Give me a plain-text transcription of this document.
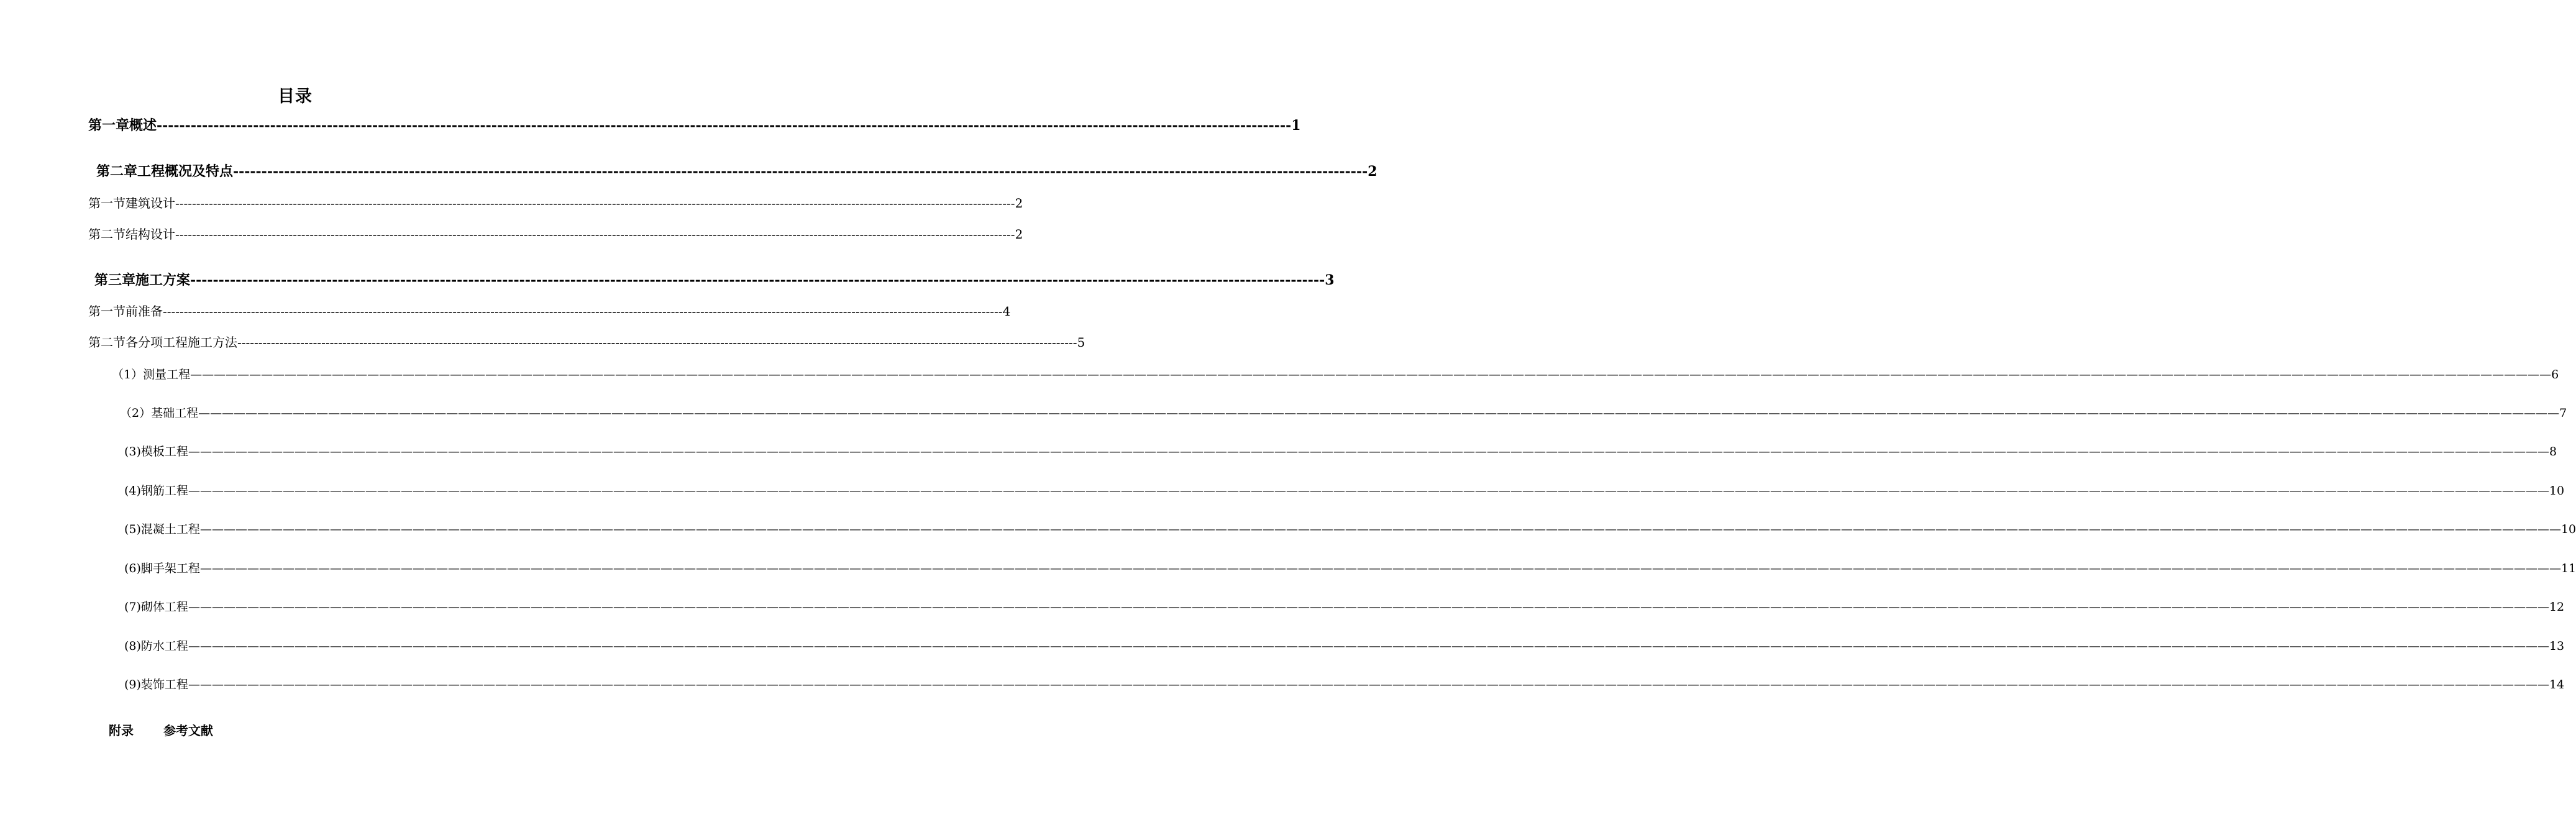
目录
第一章 概述 -------------------------------------------------------------------------------------------------------------------------------------------------------------------------------------------------------- 1
第二章 工程概况及特点 -------------------------------------------------------------------------------------------------------------------------------------------------------------------------------------------------------- 2
第一节 建筑设计 -------------------------------------------------------------------------------------------------------------------------------------------------------------------------------------------------------- 2
第二节 结构设计 -------------------------------------------------------------------------------------------------------------------------------------------------------------------------------------------------------- 2
第三章 施工方案 -------------------------------------------------------------------------------------------------------------------------------------------------------------------------------------------------------- 3
第一节 前准备 -------------------------------------------------------------------------------------------------------------------------------------------------------------------------------------------------------- 4
第二节 各分项工程施工方法 -------------------------------------------------------------------------------------------------------------------------------------------------------------------------------------------------------- 5
（1） 测量工程 ———————————————————————————————————————————————————————————————————————————————————————————————————————————————————————————————————————————————————————————————————————————————————————————————————————— 6
（2） 基础工程 ———————————————————————————————————————————————————————————————————————————————————————————————————————————————————————————————————————————————————————————————————————————————————————————————————————— 7
(3) 模板工程 ———————————————————————————————————————————————————————————————————————————————————————————————————————————————————————————————————————————————————————————————————————————————————————————————————————— 8
(4) 钢筋工程 ———————————————————————————————————————————————————————————————————————————————————————————————————————————————————————————————————————————————————————————————————————————————————————————————————————— 10
(5) 混凝土工程 ———————————————————————————————————————————————————————————————————————————————————————————————————————————————————————————————————————————————————————————————————————————————————————————————————————— 10
(6) 脚手架工程 ———————————————————————————————————————————————————————————————————————————————————————————————————————————————————————————————————————————————————————————————————————————————————————————————————————— 11
(7) 砌体工程 ———————————————————————————————————————————————————————————————————————————————————————————————————————————————————————————————————————————————————————————————————————————————————————————————————————— 12
(8) 防水工程 ———————————————————————————————————————————————————————————————————————————————————————————————————————————————————————————————————————————————————————————————————————————————————————————————————————— 13
(9) 装饰工程 ———————————————————————————————————————————————————————————————————————————————————————————————————————————————————————————————————————————————————————————————————————————————————————————————————————— 14
附录 参考文献
